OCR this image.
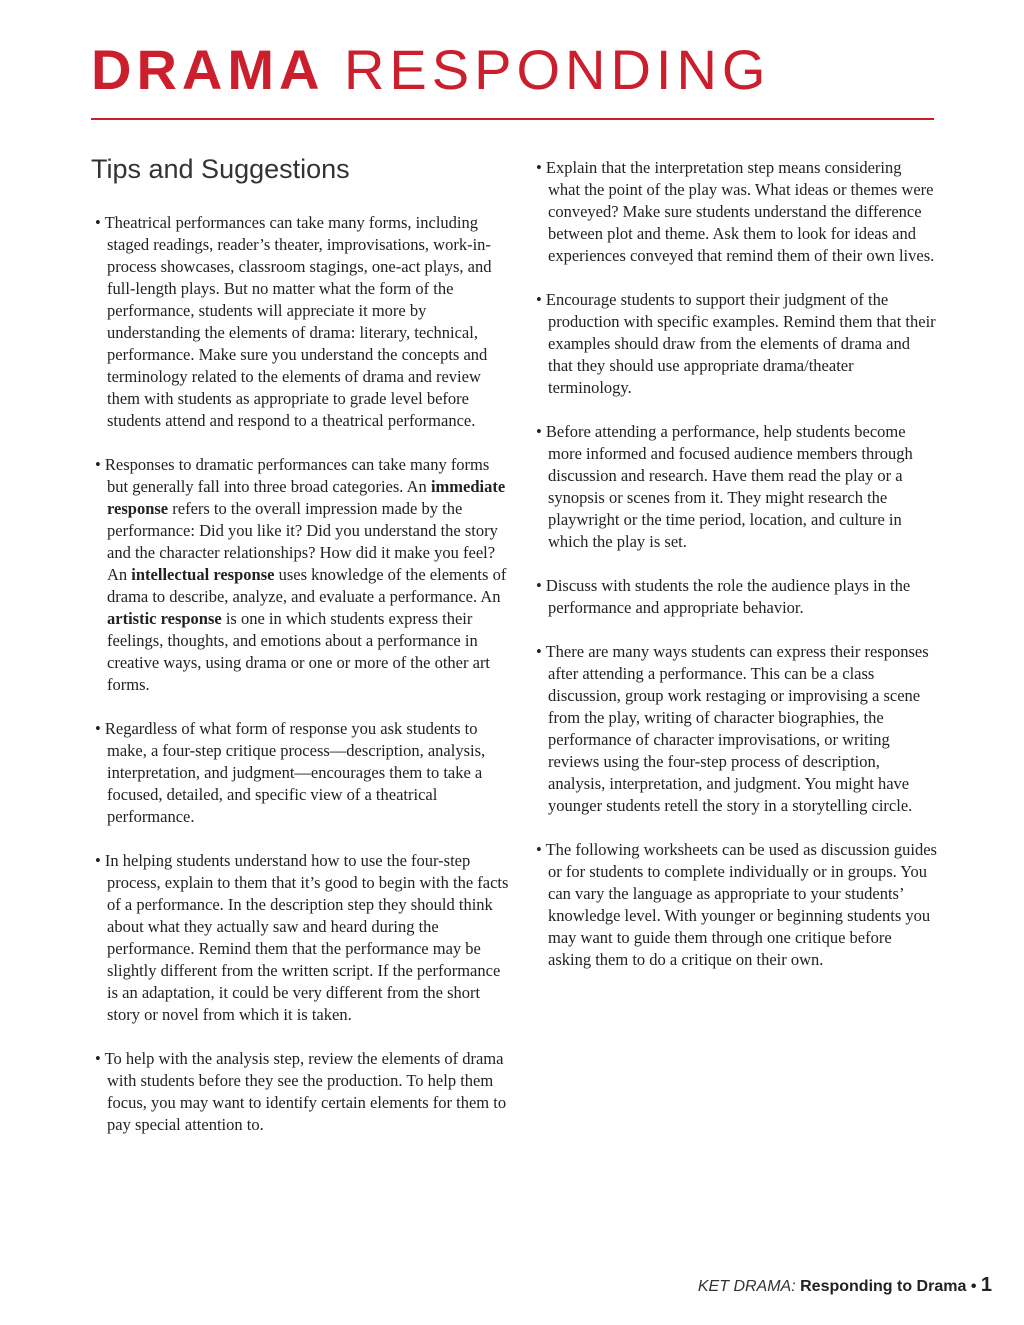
DRAMA RESPONDING
Tips and Suggestions

• Theatrical performances can take many forms, including staged readings, reader’s theater, improvisations, work-in-process showcases, classroom stagings, one-act plays, and full-length plays. But no matter what the form of the performance, students will appreciate it more by understanding the elements of drama: literary, technical, performance. Make sure you understand the concepts and terminology related to the elements of drama and review them with students as appropriate to grade level before students attend and respond to a theatrical performance.

• Responses to dramatic performances can take many forms but generally fall into three broad categories. An immediate response refers to the overall impression made by the performance: Did you like it? Did you understand the story and the character relationships? How did it make you feel? An intellectual response uses knowledge of the elements of drama to describe, analyze, and evaluate a performance. An artistic response is one in which students express their feelings, thoughts, and emotions about a performance in creative ways, using drama or one or more of the other art forms.

• Regardless of what form of response you ask students to make, a four-step critique process—description, analysis, interpretation, and judgment—encourages them to take a focused, detailed, and specific view of a theatrical performance.

• In helping students understand how to use the four-step process, explain to them that it’s good to begin with the facts of a performance. In the description step they should think about what they actually saw and heard during the performance. Remind them that the performance may be slightly different from the written script. If the performance is an adaptation, it could be very different from the short story or novel from which it is taken.

• To help with the analysis step, review the elements of drama with students before they see the production. To help them focus, you may want to identify certain elements for them to pay special attention to.

• Explain that the interpretation step means considering what the point of the play was. What ideas or themes were conveyed? Make sure students understand the difference between plot and theme. Ask them to look for ideas and experiences conveyed that remind them of their own lives.

• Encourage students to support their judgment of the production with specific examples. Remind them that their examples should draw from the elements of drama and that they should use appropriate drama/theater terminology.

• Before attending a performance, help students become more informed and focused audience members through discussion and research. Have them read the play or a synopsis or scenes from it. They might research the playwright or the time period, location, and culture in which the play is set.

• Discuss with students the role the audience plays in the performance and appropriate behavior.

• There are many ways students can express their responses after attending a performance. This can be a class discussion, group work restaging or improvising a scene from the play, writing of character biographies, the performance of character improvisations, or writing reviews using the four-step process of description, analysis, interpretation, and judgment. You might have younger students retell the story in a storytelling circle.

• The following worksheets can be used as discussion guides or for students to complete individually or in groups. You can vary the language as appropriate to your students’ knowledge level. With younger or beginning students you may want to guide them through one critique before asking them to do a critique on their own.

KET DRAMA: Responding to Drama • 1
